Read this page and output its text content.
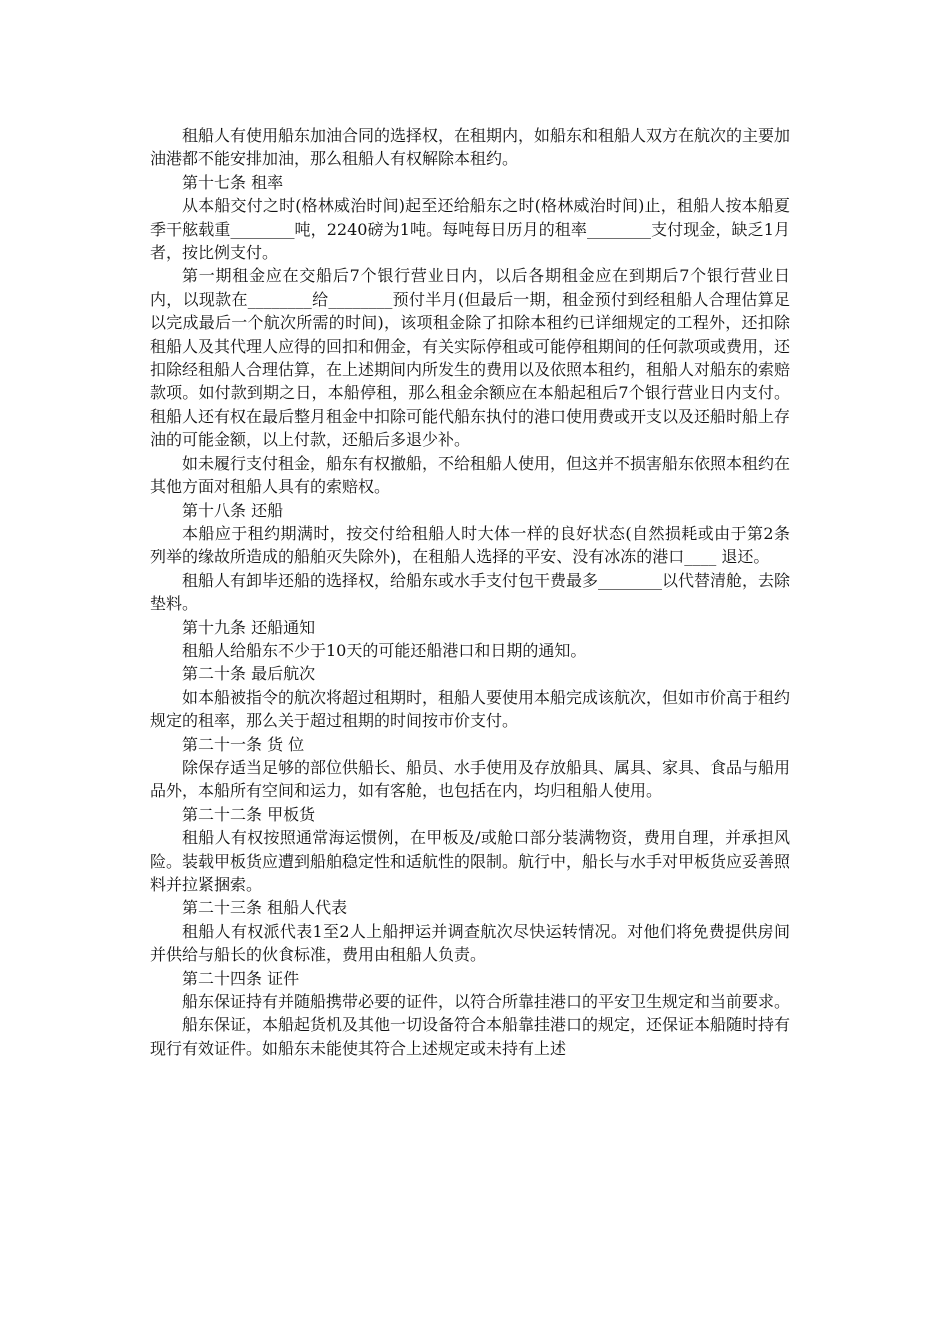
租船人有使用船东加油合同的选择权，在租期内，如船东和租船人双方在航次的主要加油港都不能安排加油，那么租船人有权解除本租约。

第十七条 租率

从本船交付之时(格林威治时间)起至还给船东之时(格林威治时间)止，租船人按本船夏季干舷载重________吨，2240磅为1吨。每吨每日历月的租率________支付现金，缺乏1月者，按比例支付。

第一期租金应在交船后7个银行营业日内，以后各期租金应在到期后7个银行营业日内，以现款在________给________预付半月(但最后一期，租金预付到经租船人合理估算足以完成最后一个航次所需的时间)，该项租金除了扣除本租约已详细规定的工程外，还扣除租船人及其代理人应得的回扣和佣金，有关实际停租或可能停租期间的任何款项或费用，还扣除经租船人合理估算，在上述期间内所发生的费用以及依照本租约，租船人对船东的索赔款项。如付款到期之日，本船停租，那么租金余额应在本船起租后7个银行营业日内支付。租船人还有权在最后整月租金中扣除可能代船东执付的港口使用费或开支以及还船时船上存油的可能金额，以上付款，还船后多退少补。

如未履行支付租金，船东有权撤船，不给租船人使用，但这并不损害船东依照本租约在其他方面对租船人具有的索赔权。

第十八条 还船

本船应于租约期满时，按交付给租船人时大体一样的良好状态(自然损耗或由于第2条列举的缘故所造成的船舶灭失除外)，在租船人选择的平安、没有冰冻的港口____ 退还。

租船人有卸毕还船的选择权，给船东或水手支付包干费最多________以代替清舱，去除垫料。

第十九条 还船通知

租船人给船东不少于10天的可能还船港口和日期的通知。

第二十条 最后航次

如本船被指令的航次将超过租期时，租船人要使用本船完成该航次，但如市价高于租约规定的租率，那么关于超过租期的时间按市价支付。

第二十一条 货 位

除保存适当足够的部位供船长、船员、水手使用及存放船具、属具、家具、食品与船用品外，本船所有空间和运力，如有客舱，也包括在内，均归租船人使用。

第二十二条 甲板货

租船人有权按照通常海运惯例，在甲板及/或舱口部分装满物资，费用自理，并承担风险。装载甲板货应遭到船舶稳定性和适航性的限制。航行中，船长与水手对甲板货应妥善照料并拉紧捆索。

第二十三条 租船人代表

租船人有权派代表1至2人上船押运并调查航次尽快运转情况。对他们将免费提供房间并供给与船长的伙食标准，费用由租船人负责。

第二十四条 证件

船东保证持有并随船携带必要的证件，以符合所靠挂港口的平安卫生规定和当前要求。

船东保证，本船起货机及其他一切设备符合本船靠挂港口的规定，还保证本船随时持有现行有效证件。如船东未能使其符合上述规定或未持有上述
